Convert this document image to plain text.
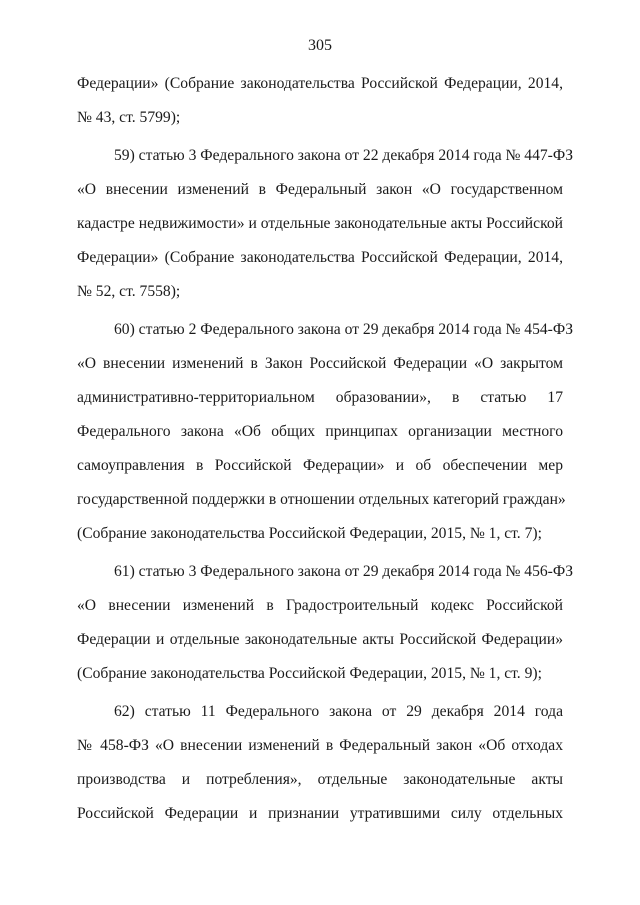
305
Федерации» (Собрание законодательства Российской Федерации, 2014,
№ 43, ст. 5799);
59) статью 3 Федерального закона от 22 декабря 2014 года № 447-ФЗ
«О внесении изменений в Федеральный закон «О государственном
кадастре недвижимости» и отдельные законодательные акты Российской
Федерации» (Собрание законодательства Российской Федерации, 2014,
№ 52, ст. 7558);
60) статью 2 Федерального закона от 29 декабря 2014 года № 454-ФЗ
«О внесении изменений в Закон Российской Федерации «О закрытом
административно-территориальном образовании», в статью 17
Федерального закона «Об общих принципах организации местного
самоуправления в Российской Федерации» и об обеспечении мер
государственной поддержки в отношении отдельных категорий граждан»
(Собрание законодательства Российской Федерации, 2015, № 1, ст. 7);
61) статью 3 Федерального закона от 29 декабря 2014 года № 456-ФЗ
«О внесении изменений в Градостроительный кодекс Российской
Федерации и отдельные законодательные акты Российской Федерации»
(Собрание законодательства Российской Федерации, 2015, № 1, ст. 9);
62) статью 11 Федерального закона от 29 декабря 2014 года
№ 458-ФЗ «О внесении изменений в Федеральный закон «Об отходах
производства и потребления», отдельные законодательные акты
Российской Федерации и признании утратившими силу отдельных
